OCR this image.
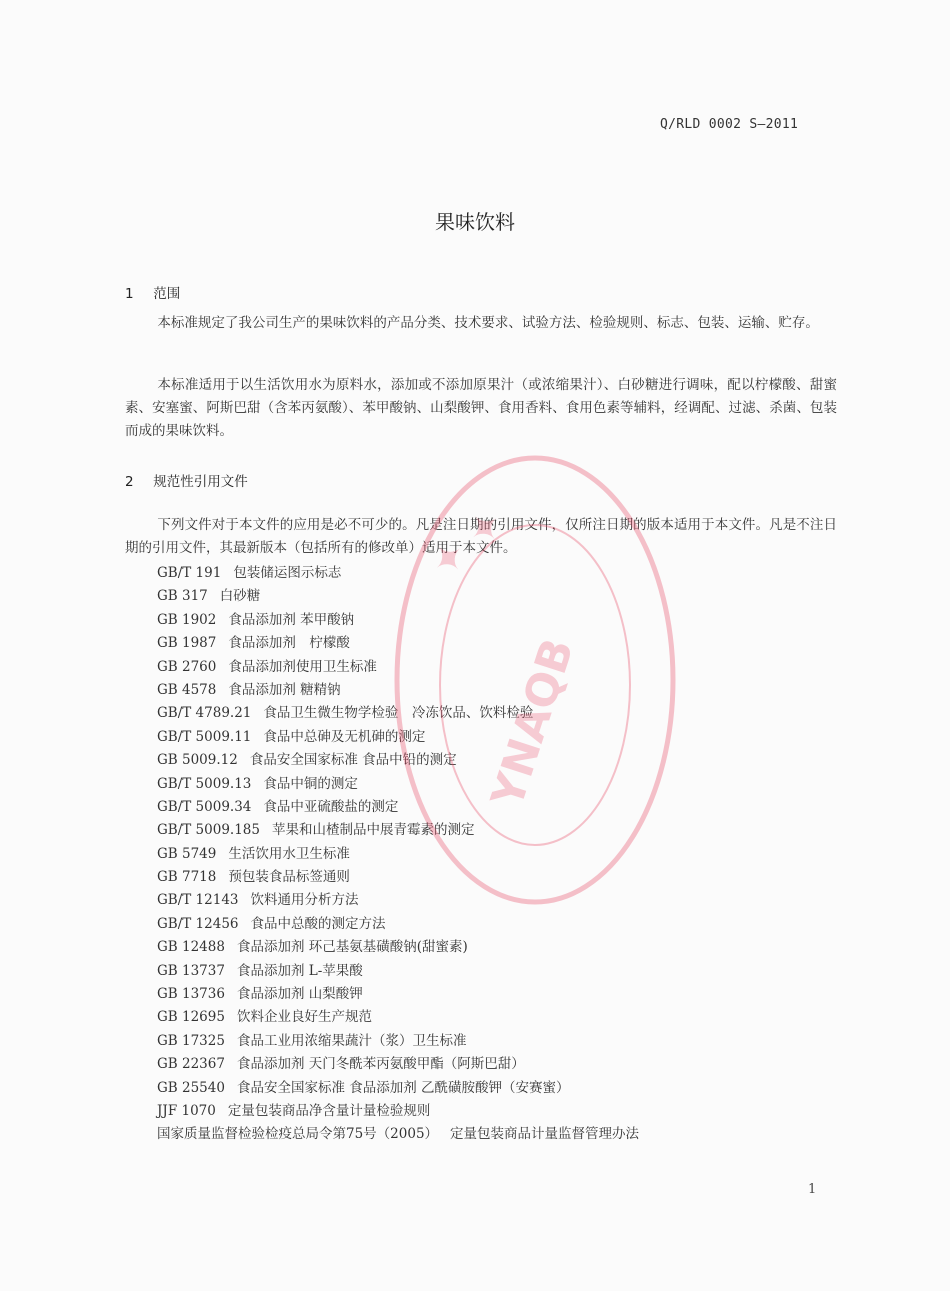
Q/RLD 0002 S—2011
果味饮料
1 范围

本标准规定了我公司生产的果味饮料的产品分类、技术要求、试验方法、检验规则、标志、包装、运输、贮存。

本标准适用于以生活饮用水为原料水，添加或不添加原果汁（或浓缩果汁）、白砂糖进行调味，配以柠檬酸、甜蜜素、安塞蜜、阿斯巴甜（含苯丙氨酸）、苯甲酸钠、山梨酸钾、食用香料、食用色素等辅料，经调配、过滤、杀菌、包装而成的果味饮料。

2 规范性引用文件

下列文件对于本文件的应用是必不可少的。凡是注日期的引用文件，仅所注日期的版本适用于本文件。凡是不注日期的引用文件，其最新版本（包括所有的修改单）适用于本文件。

GB/T 191 包装储运图示标志
GB 317 白砂糖
GB 1902 食品添加剂 苯甲酸钠
GB 1987 食品添加剂　柠檬酸
GB 2760 食品添加剂使用卫生标准
GB 4578 食品添加剂 糖精钠
GB/T 4789.21 食品卫生微生物学检验　冷冻饮品、饮料检验
GB/T 5009.11 食品中总砷及无机砷的测定
GB 5009.12 食品安全国家标准 食品中铅的测定
GB/T 5009.13 食品中铜的测定
GB/T 5009.34 食品中亚硫酸盐的测定
GB/T 5009.185 苹果和山楂制品中展青霉素的测定
GB 5749 生活饮用水卫生标准
GB 7718 预包装食品标签通则
GB/T 12143 饮料通用分析方法
GB/T 12456 食品中总酸的测定方法
GB 12488 食品添加剂 环己基氨基磺酸钠(甜蜜素)
GB 13737 食品添加剂 L-苹果酸
GB 13736 食品添加剂 山梨酸钾
GB 12695 饮料企业良好生产规范
GB 17325 食品工业用浓缩果蔬汁（浆）卫生标准
GB 22367 食品添加剂 天门冬酰苯丙氨酸甲酯（阿斯巴甜）
GB 25540 食品安全国家标准 食品添加剂 乙酰磺胺酸钾（安赛蜜）
JJF 1070 定量包装商品净含量计量检验规则
国家质量监督检验检疫总局令第75号（2005） 定量包装商品计量监督管理办法
YNAQB
✦ ✦
1
